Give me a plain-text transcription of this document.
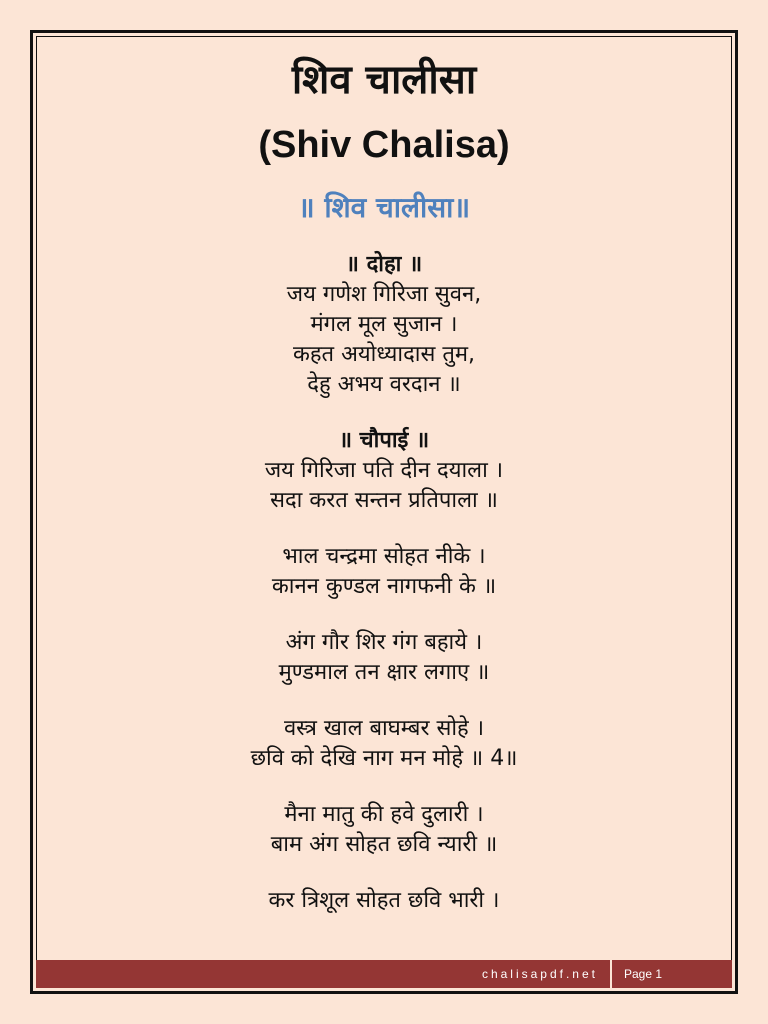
शिव चालीसा
(Shiv Chalisa)
॥ शिव चालीसा॥
॥ दोहा ॥
जय गणेश गिरिजा सुवन,
मंगल मूल सुजान ।
कहत अयोध्यादास तुम,
देहु अभय वरदान ॥
॥ चौपाई ॥
जय गिरिजा पति दीन दयाला ।
सदा करत सन्तन प्रतिपाला ॥
भाल चन्द्रमा सोहत नीके ।
कानन कुण्डल नागफनी के ॥
अंग गौर शिर गंग बहाये ।
मुण्डमाल तन क्षार लगाए ॥
वस्त्र खाल बाघम्बर सोहे ।
छवि को देखि नाग मन मोहे ॥ 4॥
मैना मातु की हवे दुलारी ।
बाम अंग सोहत छवि न्यारी ॥
कर त्रिशूल सोहत छवि भारी ।
chalisapdf.net	Page 1
